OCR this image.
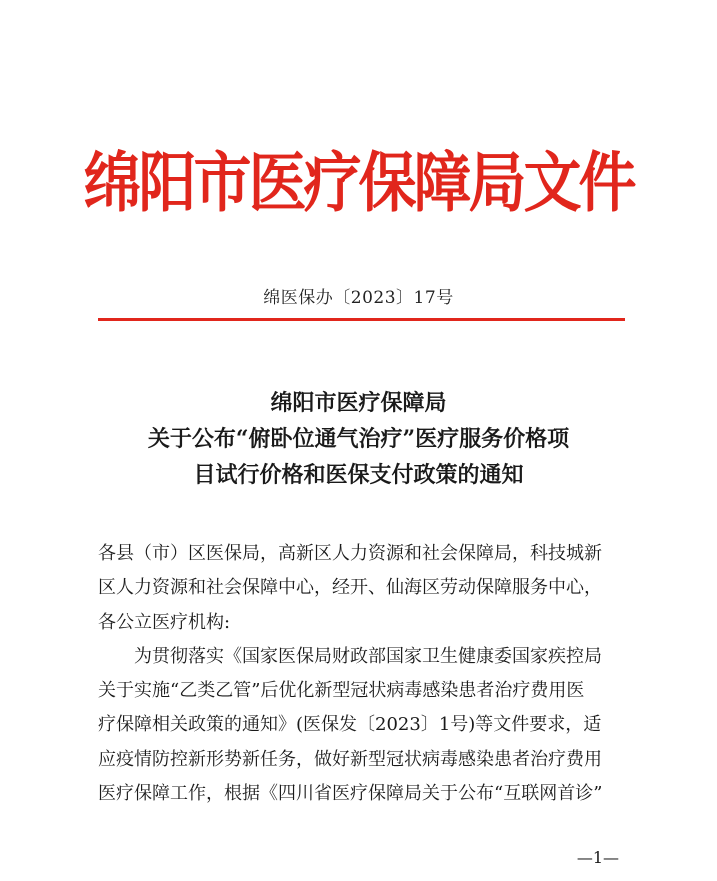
绵阳市医疗保障局文件
绵医保办〔2023〕17号
绵阳市医疗保障局
关于公布“俯卧位通气治疗”医疗服务价格项
目试行价格和医保支付政策的通知
各县（市）区医保局，高新区人力资源和社会保障局，科技城新
区人力资源和社会保障中心，经开、仙海区劳动保障服务中心，
各公立医疗机构:
为贯彻落实《国家医保局财政部国家卫生健康委国家疾控局
关于实施“乙类乙管”后优化新型冠状病毒感染患者治疗费用医
疗保障相关政策的通知》(医保发〔2023〕1号)等文件要求，适
应疫情防控新形势新任务，做好新型冠状病毒感染患者治疗费用
医疗保障工作，根据《四川省医疗保障局关于公布“互联网首诊”
—1—
